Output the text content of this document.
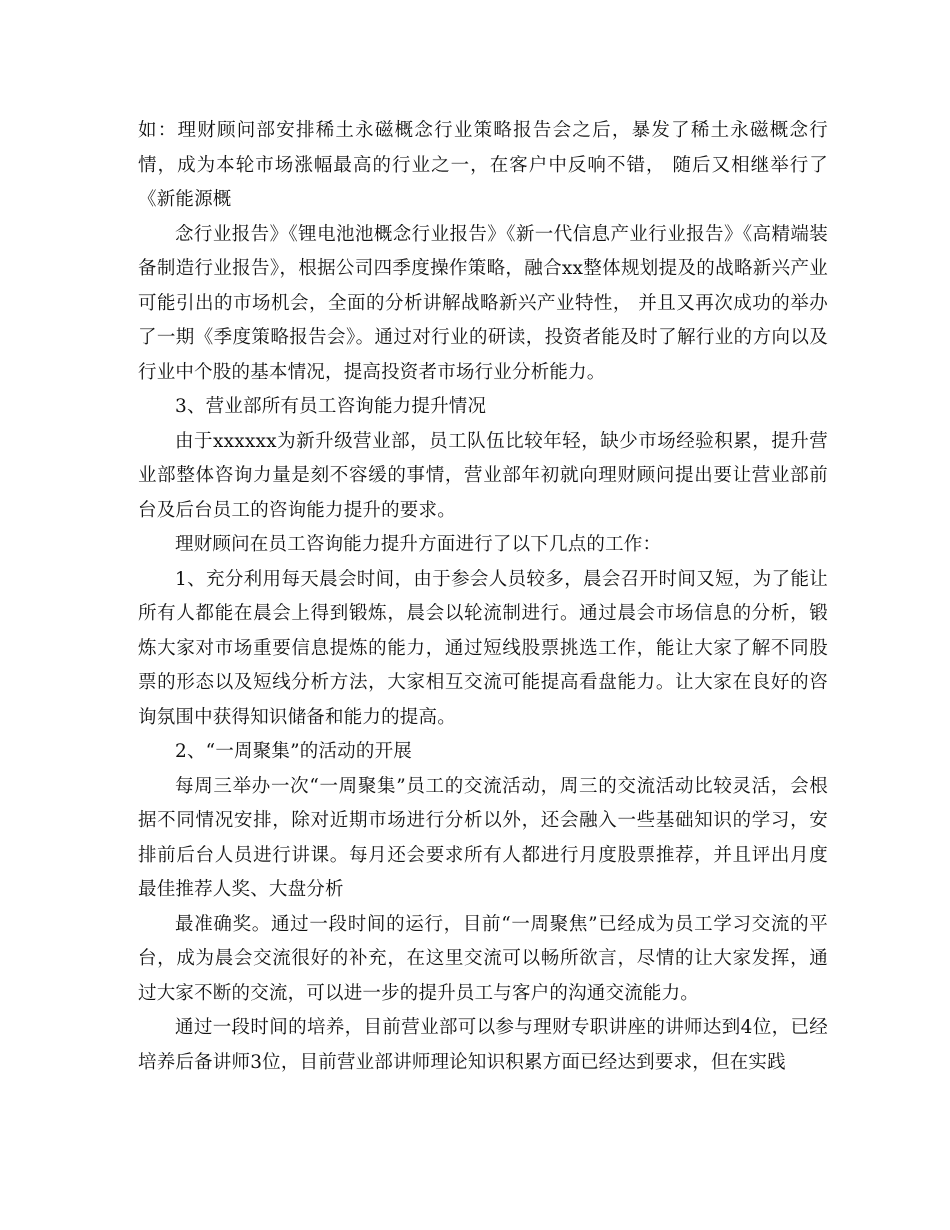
如：理财顾问部安排稀土永磁概念行业策略报告会之后，暴发了稀土永磁概念行情，成为本轮市场涨幅最高的行业之一，在客户中反响不错， 随后又相继举行了《新能源概

念行业报告》《锂电池池概念行业报告》《新一代信息产业行业报告》《高精端装备制造行业报告》，根据公司四季度操作策略，融合xx整体规划提及的战略新兴产业可能引出的市场机会，全面的分析讲解战略新兴产业特性， 并且又再次成功的举办了一期《季度策略报告会》。通过对行业的研读，投资者能及时了解行业的方向以及行业中个股的基本情况，提高投资者市场行业分析能力。

3、营业部所有员工咨询能力提升情况

由于xxxxxx为新升级营业部，员工队伍比较年轻，缺少市场经验积累，提升营业部整体咨询力量是刻不容缓的事情，营业部年初就向理财顾问提出要让营业部前台及后台员工的咨询能力提升的要求。

理财顾问在员工咨询能力提升方面进行了以下几点的工作：

1、充分利用每天晨会时间，由于参会人员较多，晨会召开时间又短，为了能让所有人都能在晨会上得到锻炼，晨会以轮流制进行。通过晨会市场信息的分析，锻炼大家对市场重要信息提炼的能力，通过短线股票挑选工作，能让大家了解不同股票的形态以及短线分析方法，大家相互交流可能提高看盘能力。让大家在良好的咨询氛围中获得知识储备和能力的提高。

2、“一周聚集”的活动的开展

每周三举办一次“一周聚集”员工的交流活动，周三的交流活动比较灵活，会根据不同情况安排，除对近期市场进行分析以外，还会融入一些基础知识的学习，安排前后台人员进行讲课。每月还会要求所有人都进行月度股票推荐，并且评出月度最佳推荐人奖、大盘分析

最准确奖。通过一段时间的运行，目前“一周聚焦”已经成为员工学习交流的平台，成为晨会交流很好的补充，在这里交流可以畅所欲言，尽情的让大家发挥，通过大家不断的交流，可以进一步的提升员工与客户的沟通交流能力。

通过一段时间的培养，目前营业部可以参与理财专职讲座的讲师达到4位，已经培养后备讲师3位，目前营业部讲师理论知识积累方面已经达到要求，但在实践
